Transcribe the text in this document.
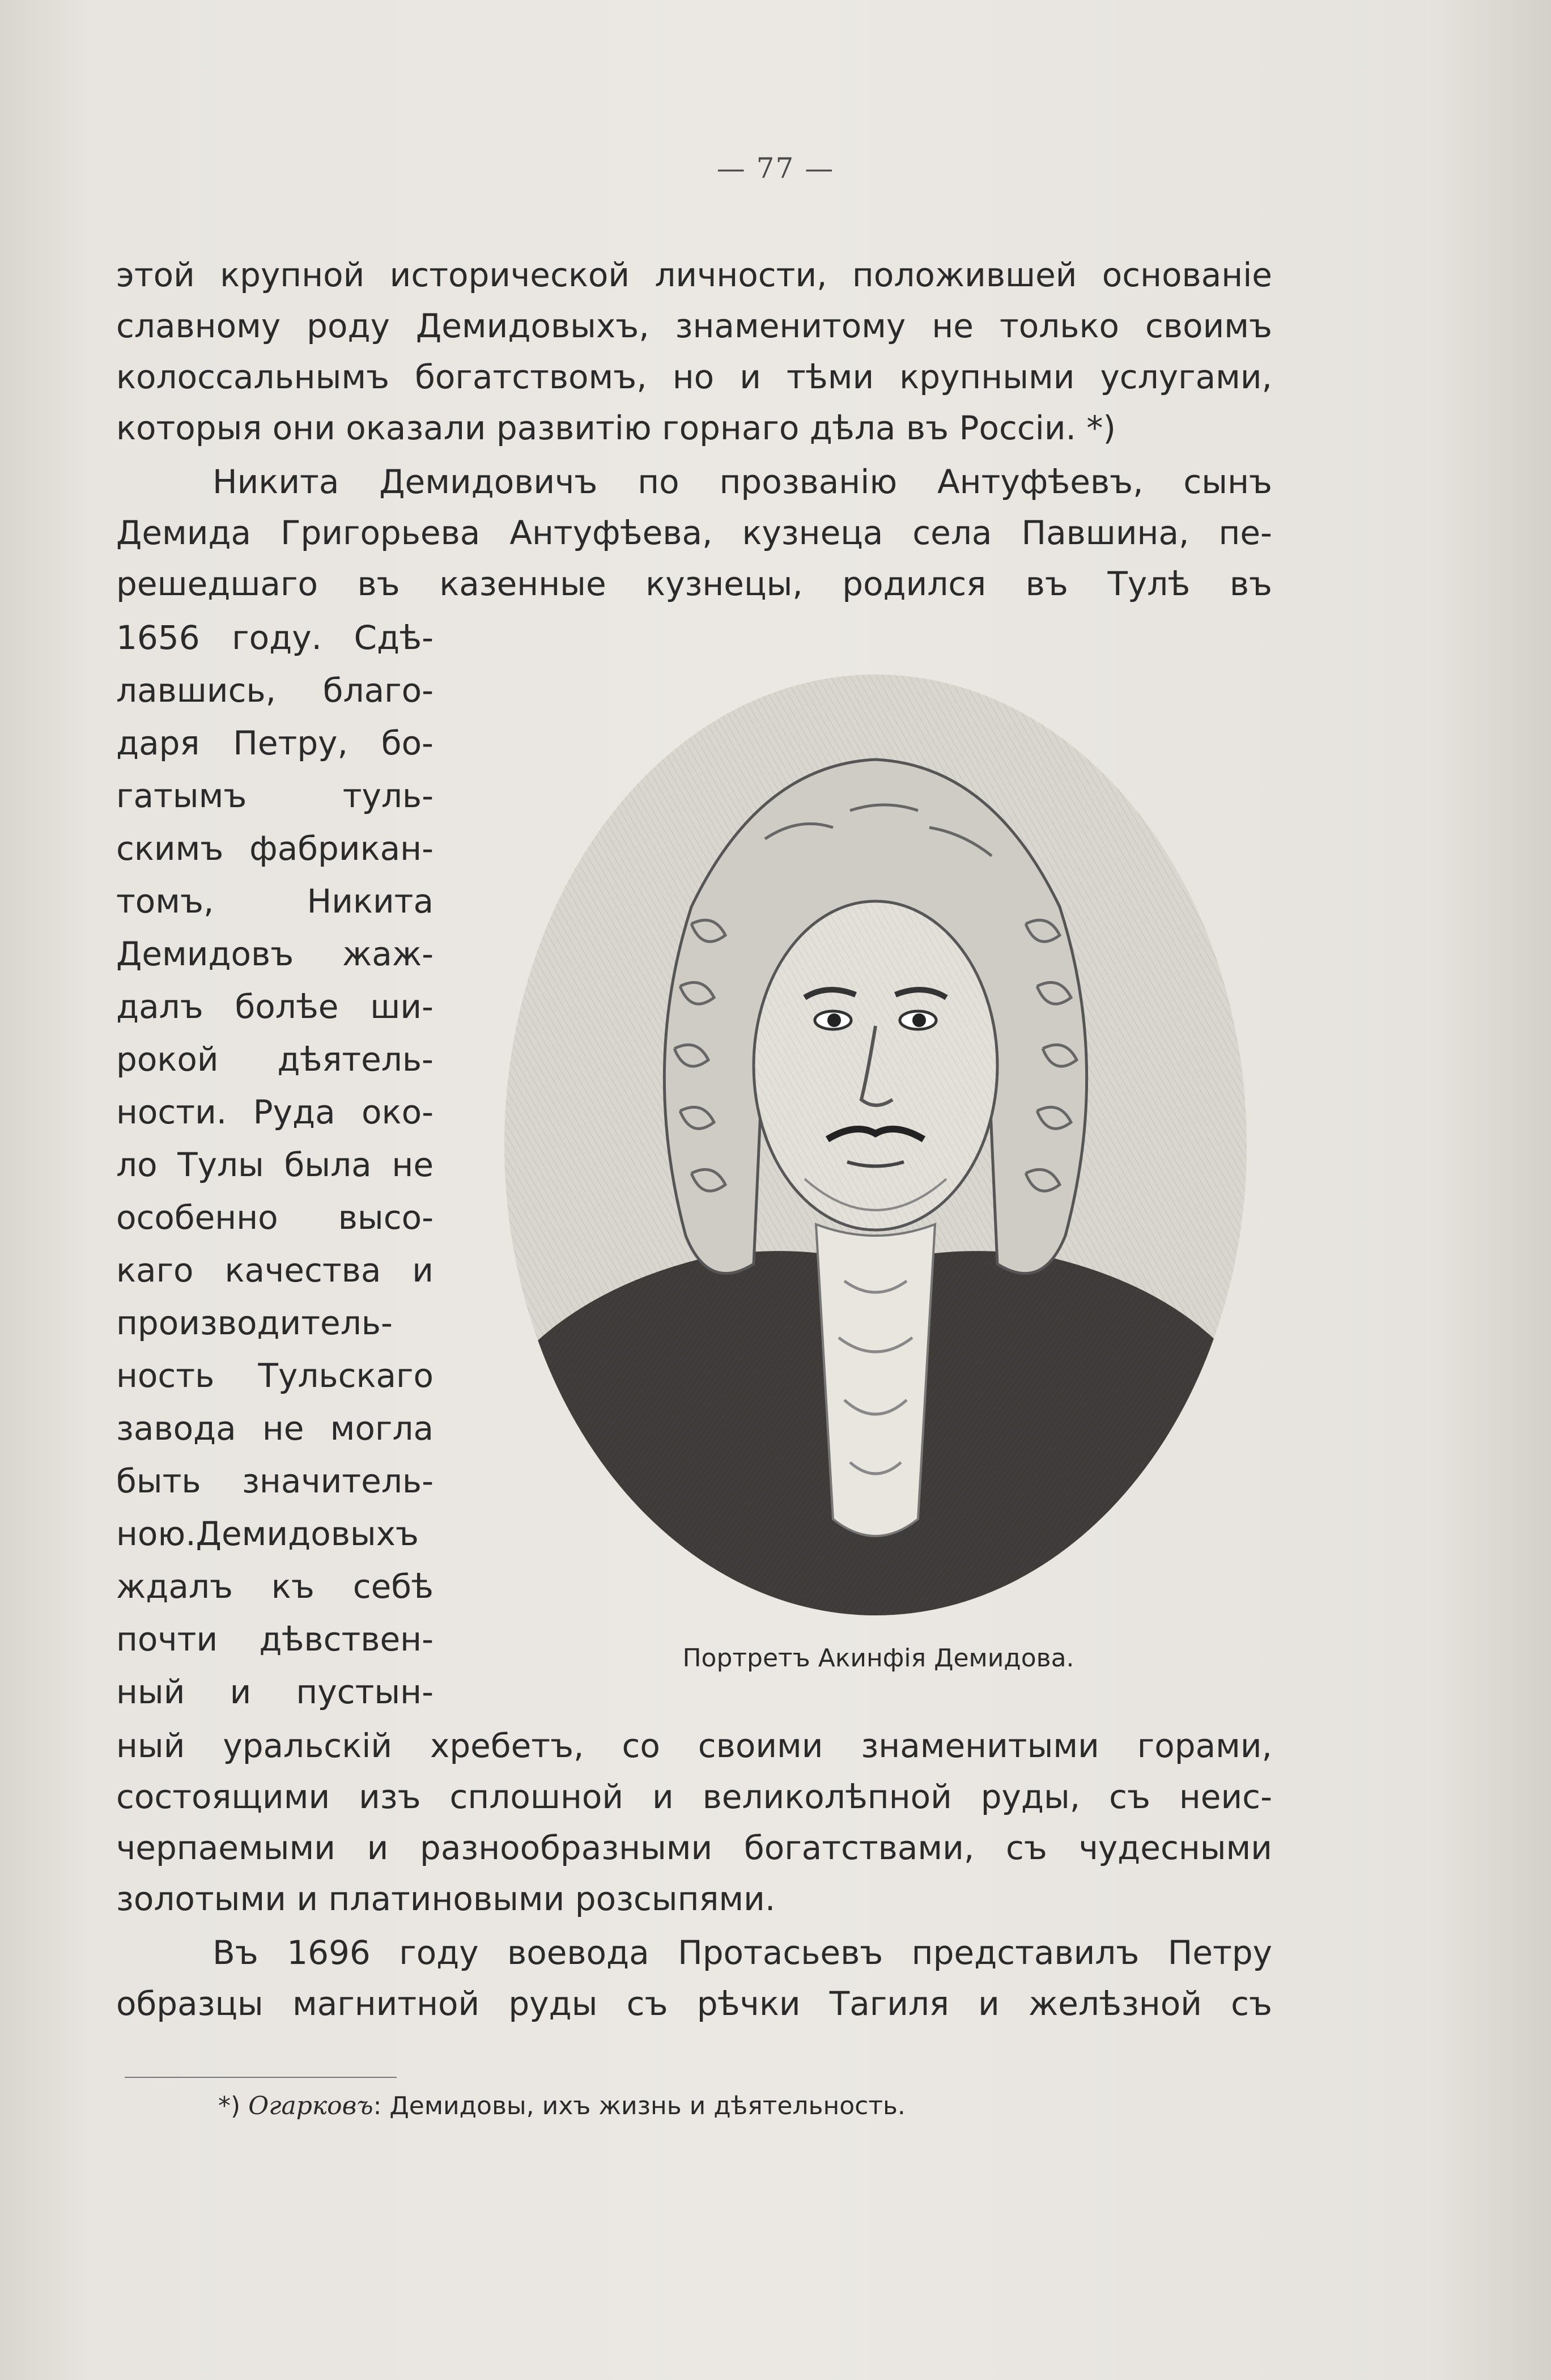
— 77 —
этой крупной исторической личности, положившей основаніе
славному роду Демидовыхъ, знаменитому не только своимъ
колоссальнымъ богатствомъ, но и тѣми крупными услугами,
которыя они оказали развитію горнаго дѣла въ Россіи. *)
Никита Демидовичъ по прозванію Антуфѣевъ, сынъ
Демида Григорьева Антуфѣева, кузнеца села Павшина, пе-
решедшаго въ казенные кузнецы, родился въ Тулѣ въ
1656 году. Сдѣ-
лавшись, благо-
даря Петру, бо-
гатымъ туль-
скимъ фабрикан-
томъ, Никита
Демидовъ жаж-
далъ болѣе ши-
рокой дѣятель-
ности. Руда око-
ло Тулы была не
особенно высо-
каго качества и
производитель-
ность Тульскаго
завода не могла
быть значитель-
ною.Демидовыхъ
ждалъ къ себѣ
почти дѣвствен-
ный и пустын-
Портретъ Акинфія Демидова.
ный уральскій хребетъ, со своими знаменитыми горами,
состоящими изъ сплошной и великолѣпной руды, съ неис-
черпаемыми и разнообразными богатствами, съ чудесными
золотыми и платиновыми розсыпями.
Въ 1696 году воевода Протасьевъ представилъ Петру
образцы магнитной руды съ рѣчки Тагиля и желѣзной съ
*) Огарковъ: Демидовы, ихъ жизнь и дѣятельность.
